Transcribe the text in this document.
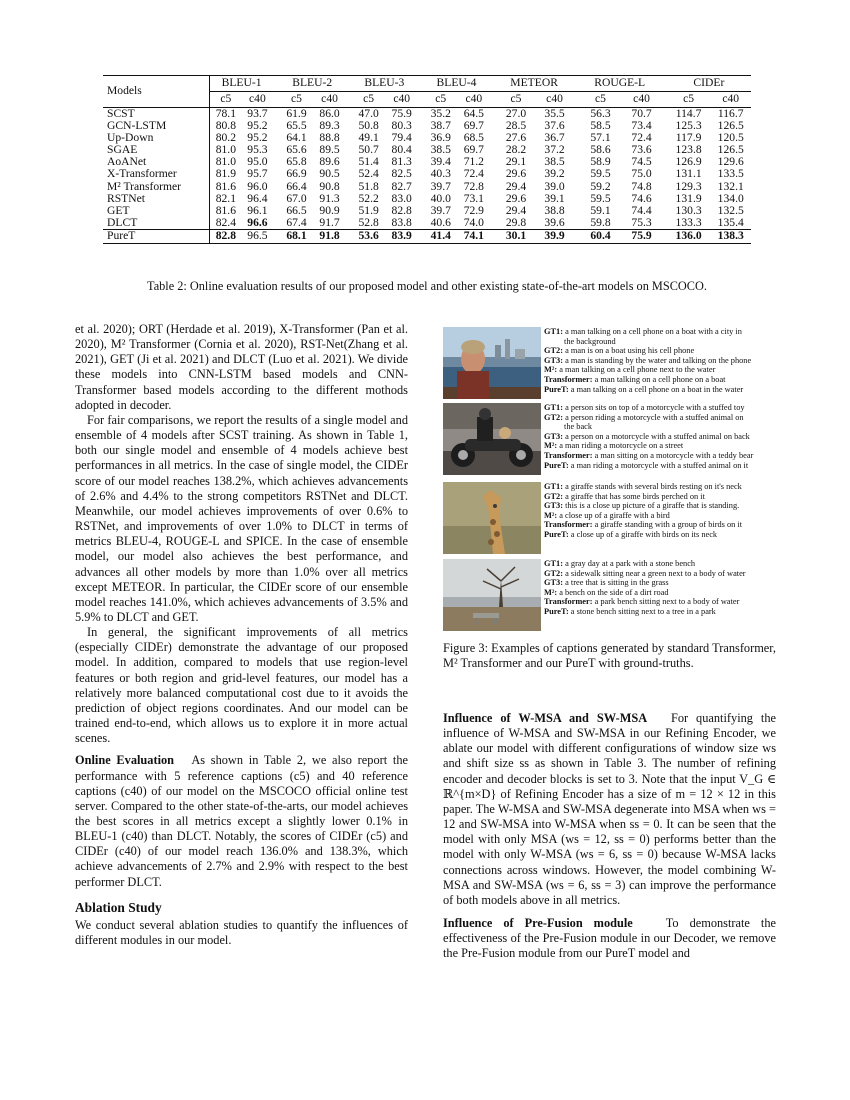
Models	BLEU-1		BLEU-2		BLEU-3		BLEU-4		METEOR		ROUGE-L		CIDEr	
	c5	c40	c5	c40	c5	c40	c5	c40	c5	c40	c5	c40	c5	c40
SCST	78.1	93.7	61.9	86.0	47.0	75.9	35.2	64.5	27.0	35.5	56.3	70.7	114.7	116.7
GCN-LSTM	80.8	95.2	65.5	89.3	50.8	80.3	38.7	69.7	28.5	37.6	58.5	73.4	125.3	126.5
Up-Down	80.2	95.2	64.1	88.8	49.1	79.4	36.9	68.5	27.6	36.7	57.1	72.4	117.9	120.5
SGAE	81.0	95.3	65.6	89.5	50.7	80.4	38.5	69.7	28.2	37.2	58.6	73.6	123.8	126.5
AoANet	81.0	95.0	65.8	89.6	51.4	81.3	39.4	71.2	29.1	38.5	58.9	74.5	126.9	129.6
X-Transformer	81.9	95.7	66.9	90.5	52.4	82.5	40.3	72.4	29.6	39.2	59.5	75.0	131.1	133.5
M² Transformer	81.6	96.0	66.4	90.8	51.8	82.7	39.7	72.8	29.4	39.0	59.2	74.8	129.3	132.1
RSTNet	82.1	96.4	67.0	91.3	52.2	83.0	40.0	73.1	29.6	39.1	59.5	74.6	131.9	134.0
GET	81.6	96.1	66.5	90.9	51.9	82.8	39.7	72.9	29.4	38.8	59.1	74.4	130.3	132.5
DLCT	82.4	96.6	67.4	91.7	52.8	83.8	40.6	74.0	29.8	39.6	59.8	75.3	133.3	135.4
PureT	82.8	96.5	68.1	91.8	53.6	83.9	41.4	74.1	30.1	39.9	60.4	75.9	136.0	138.3
Table 2: Online evaluation results of our proposed model and other existing state-of-the-art models on MSCOCO.

et al. 2020); ORT (Herdade et al. 2019), X-Transformer (Pan et al. 2020), M² Transformer (Cornia et al. 2020), RST-Net(Zhang et al. 2021), GET (Ji et al. 2021) and DLCT (Luo et al. 2021). We divide these models into CNN-LSTM based models and CNN-Transformer based models according to the different mothods adopted in decoder.

For fair comparisons, we report the results of a single model and ensemble of 4 models after SCST training. As shown in Table 1, both our single model and ensemble of 4 models achieve best performances in all metrics. In the case of single model, the CIDEr score of our model reaches 138.2%, which achieves advancements of 2.6% and 4.4% to the strong competitors RSTNet and DLCT. Meanwhile, our model achieves improvements of over 0.6% to RSTNet, and improvements of over 1.0% to DLCT in terms of metrics BLEU-4, ROUGE-L and SPICE. In the case of ensemble model, our model also achieves the best performance, and advances all other models by more than 1.0% over all metrics except METEOR. In particular, the CIDEr score of our ensemble model reaches 141.0%, which achieves advancements of 3.5% and 5.9% to DLCT and GET.

In general, the significant improvements of all metrics (especially CIDEr) demonstrate the advantage of our proposed model. In addition, compared to models that use region-level features or both region and grid-level features, our model has a relatively more balanced computational cost due to it avoids the prediction of object regions coordinates. And our model can be trained end-to-end, which allows us to explore it in more actual scenes.

Online Evaluation As shown in Table 2, we also report the performance with 5 reference captions (c5) and 40 reference captions (c40) of our model on the MSCOCO official online test server. Compared to the other state-of-the-arts, our model achieves the best scores in all metrics except a slightly lower 0.1% in BLEU-1 (c40) than DLCT. Notably, the scores of CIDEr (c5) and CIDEr (c40) of our model reach 136.0% and 138.3%, which achieve advancements of 2.7% and 2.9% with respect to the best performer DLCT.

Ablation Study

We conduct several ablation studies to quantify the influences of different modules in our model.

GT1: a man talking on a cell phone on a boat with a city in
the background
GT2: a man is on a boat using his cell phone
GT3: a man is standing by the water and talking on the phone
M²: a man talking on a cell phone next to the water
Transformer: a man talking on a cell phone on a boat
PureT: a man talking on a cell phone on a boat in the water
GT1: a person sits on top of a motorcycle with a stuffed toy
GT2: a person riding a motorcycle with a stuffed animal on
the back
GT3: a person on a motorcycle with a stuffed animal on back
M²: a man riding a motorcycle on a street
Transformer: a man sitting on a motorcycle with a teddy bear
PureT: a man riding a motorcycle with a stuffed animal on it
GT1: a giraffe stands with several birds resting on it's neck
GT2: a giraffe that has some birds perched on it
GT3: this is a close up picture of a giraffe that is standing.
M²: a close up of a giraffe with a bird
Transformer: a giraffe standing with a group of birds on it
PureT: a close up of a giraffe with birds on its neck
GT1: a gray day at a park with a stone bench
GT2: a sidewalk sitting near a green next to a body of water
GT3: a tree that is sitting in the grass
M²: a bench on the side of a dirt road
Transformer: a park bench sitting next to a body of water
PureT: a stone bench sitting next to a tree in a park
Figure 3: Examples of captions generated by standard Transformer, M² Transformer and our PureT with ground-truths.

Influence of W-MSA and SW-MSA For quantifying the influence of W-MSA and SW-MSA in our Refining Encoder, we ablate our model with different configurations of window size ws and shift size ss as shown in Table 3. The number of refining encoder and decoder blocks is set to 3. Note that the input V_G ∈ ℝ^{m×D} of Refining Encoder has a size of m = 12 × 12 in this paper. The W-MSA and SW-MSA degenerate into MSA when ws = 12 and SW-MSA into W-MSA when ss = 0. It can be seen that the model with only MSA (ws = 12, ss = 0) performs better than the model with only W-MSA (ws = 6, ss = 0) because W-MSA lacks connections across windows. However, the model combining W-MSA and SW-MSA (ws = 6, ss = 3) can improve the performance of both models above in all metrics.

Influence of Pre-Fusion module	To demonstrate the effectiveness of the Pre-Fusion module in our Decoder, we remove the Pre-Fusion module from our PureT model and
